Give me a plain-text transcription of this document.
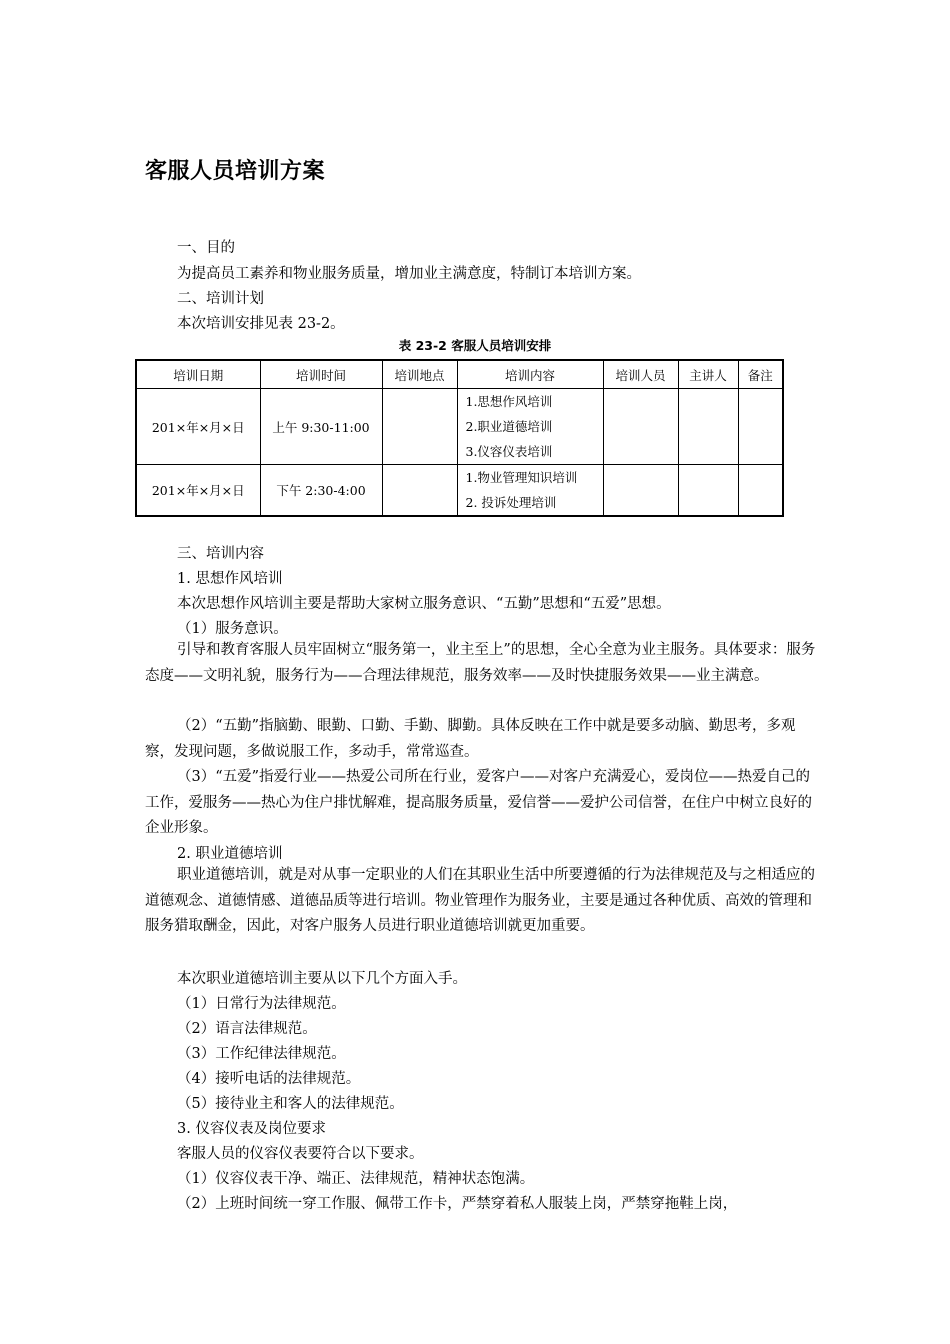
客服人员培训方案
一、目的
为提高员工素养和物业服务质量，增加业主满意度，特制订本培训方案。
二、培训计划
本次培训安排见表 23-2。
表 23-2 客服人员培训安排
培训日期	培训时间	培训地点	培训内容	培训人员	主讲人	备注
201×年×月×日	上午 9:30-11:00		1.思想作风培训
2.职业道德培训
3.仪容仪表培训			

201×年×月×日	下午 2:30-4:00		1.物业管理知识培训
2. 投诉处理培训			

三、培训内容
1. 思想作风培训
本次思想作风培训主要是帮助大家树立服务意识、“五勤”思想和“五爱”思想。
（1）服务意识。
引导和教育客服人员牢固树立“服务第一，业主至上”的思想，全心全意为业主服务。具体要求：服务态度——文明礼貌，服务行为——合理法律规范，服务效率——及时快捷服务效果——业主满意。
（2）“五勤”指脑勤、眼勤、口勤、手勤、脚勤。具体反映在工作中就是要多动脑、勤思考，多观察，发现问题，多做说服工作，多动手，常常巡查。
（3）“五爱”指爱行业——热爱公司所在行业，爱客户——对客户充满爱心，爱岗位——热爱自己的工作，爱服务——热心为住户排忧解难，提高服务质量，爱信誉——爱护公司信誉，在住户中树立良好的企业形象。
2. 职业道德培训
职业道德培训，就是对从事一定职业的人们在其职业生活中所要遵循的行为法律规范及与之相适应的道德观念、道德情感、道德品质等进行培训。物业管理作为服务业，主要是通过各种优质、高效的管理和服务猎取酬金，因此，对客户服务人员进行职业道德培训就更加重要。
本次职业道德培训主要从以下几个方面入手。
（1）日常行为法律规范。
（2）语言法律规范。
（3）工作纪律法律规范。
（4）接听电话的法律规范。
（5）接待业主和客人的法律规范。
3. 仪容仪表及岗位要求
客服人员的仪容仪表要符合以下要求。
（1）仪容仪表干净、端正、法律规范，精神状态饱满。
（2）上班时间统一穿工作服、佩带工作卡，严禁穿着私人服装上岗，严禁穿拖鞋上岗，
